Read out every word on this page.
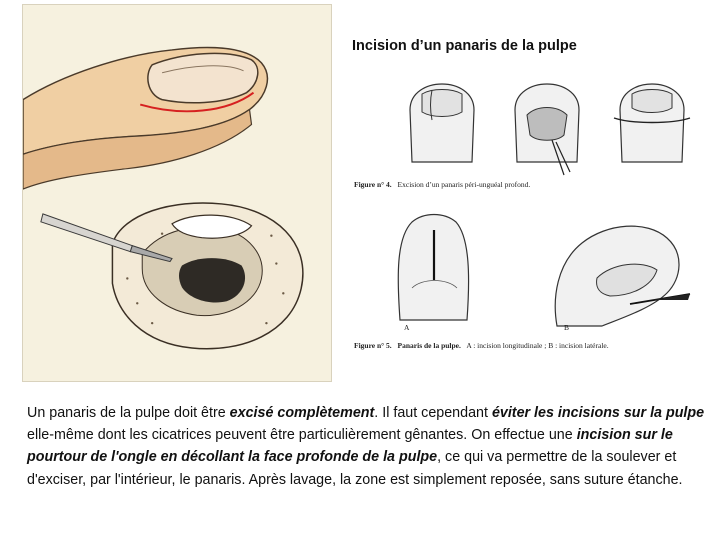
Incision d’un panaris de la pulpe
Figure n° 4. Excision d’un panaris péri-unguéal profond.
A	B
Figure n° 5. Panaris de la pulpe. A : incision longitudinale ; B : incision latérale.
Un panaris de la pulpe doit être excisé complètement. Il faut cependant éviter les incisions sur la pulpe elle-même dont les cicatrices peuvent être particulièrement gênantes. On effectue une incision sur le pourtour de l'ongle en décollant la face profonde de la pulpe, ce qui va permettre de la soulever et d'exciser, par l'intérieur, le panaris. Après lavage, la zone est simplement reposée, sans suture étanche.
